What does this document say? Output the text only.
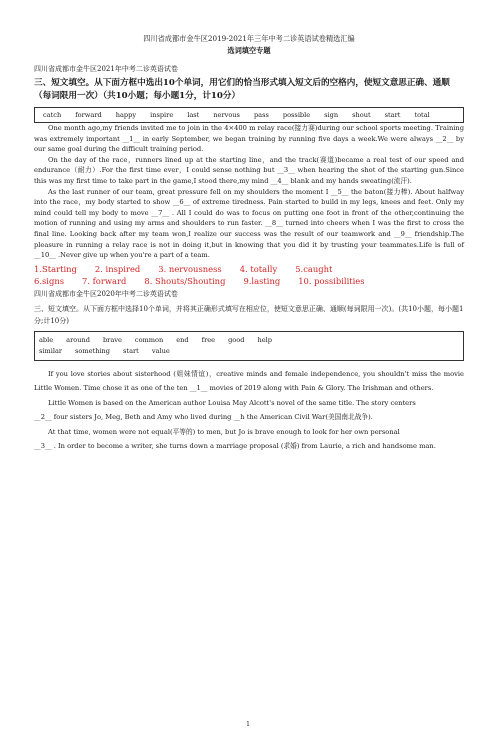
四川省成都市金牛区2019-2021年三年中考二诊英语试卷精选汇编
选词填空专题
四川省成都市金牛区2021年中考二诊英语试卷
三、短文填空。从下面方框中选出10个单词，用它们的恰当形式填入短文后的空格内，使短文意思正确、通顺（每词限用一次）（共10小题；每小题1分，计10分）
catch forward happy inspire last nervous pass possible sign shout start total

One month ago,my friends invited me to join in the 4×400 m relay race(接力赛)during our school sports meeting. Training was extremely important __1__ in early September, we began training by running five days a week.We were always __2__ by our same goal during the difficult training period.

On the day of the race，runners lined up at the starting line，and the track(赛道)became a real test of our speed and endurance（耐力）.For the first time ever，I could sense nothing but __3__ when hearing the shot of the starting gun.Since this was my first time to take part in the game,I stood there,my mind __4__ blank and my hands sweating(流汗).

As the last runner of our team, great pressure fell on my shoulders the moment I __5__ the baton(接力棒). About halfway into the race，my body started to show __6__ of extreme tiredness. Pain started to build in my legs, knees and feet. Only my mind could tell my body to move __7__ . All I could do was to focus on putting one foot in front of the other,continuing the motion of running and using my arms and shoulders to run faster. __8__ turned into cheers when I was the first to cross the final line. Looking back after my team won,I realize our success was the result of our teamwork and __9__ friendship.The pleasure in running a relay race is not in doing it,but in knowing that you did it by trusting your teammates.Life is full of __10__ .Never give up when you're a part of a team.

1.Starting 2. inspired 3. nervousness 4. totally 5.caught
6.signs 7. forward 8. Shouts/Shouting 9.lasting 10. possibilities
四川省成都市金牛区2020年中考二诊英语试卷
三、短文填空。从下面方框中选择10个单词，并将其正确形式填写在相应位，使短文意思正确、通顺(每词限用一次)。(共10小题，每小题1分;计10分)
able around brave common end free good help
similar something start value

If you love stories about sisterhood (姐妹情谊)，creative minds and female independence, you shouldn't miss the movie Little Women. Time chose it as one of the ten __1__ movies of 2019 along with Pain & Glory. The Irishman and others.

Little Women is based on the American author Louisa May Alcott's novel of the same title. The story centers

__2__ four sisters Jo, Meg, Beth and Amy who lived during __h the American Civil War(美国南北战争).

At that time, women were not equal(平等的) to men, but Jo is brave enough to look for her own personal

__3__ . In order to become a writer, she turns down a marriage proposal (求婚) from Laurie, a rich and handsome man.

1
